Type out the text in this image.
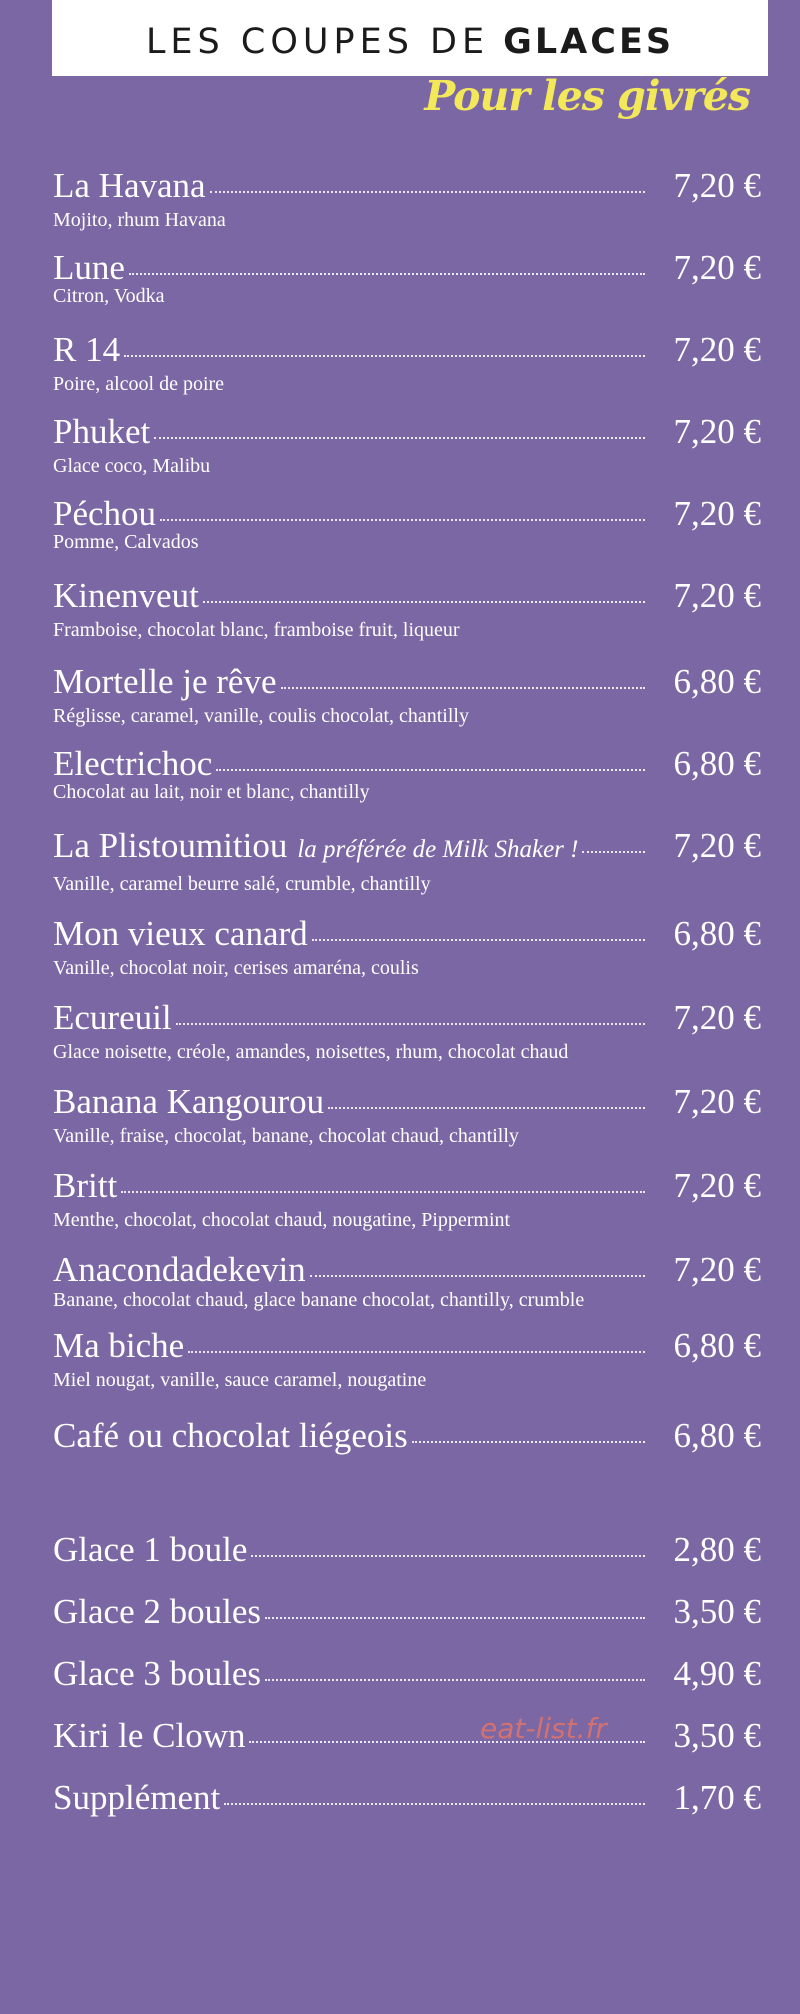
LES COUPES DE GLACES
Pour les givrés
La Havana	7,20 €
Mojito, rhum Havana
Lune	7,20 €
Citron, Vodka
R 14	7,20 €
Poire, alcool de poire
Phuket	7,20 €
Glace coco, Malibu
Péchou	7,20 €
Pomme, Calvados
Kinenveut	7,20 €
Framboise, chocolat blanc, framboise fruit, liqueur
Mortelle je rêve	6,80 €
Réglisse, caramel, vanille, coulis chocolat, chantilly
Electrichoc	6,80 €
Chocolat au lait, noir et blanc, chantilly
La Plistoumitiou la préférée de Milk Shaker !	7,20 €
Vanille, caramel beurre salé, crumble, chantilly
Mon vieux canard	6,80 €
Vanille, chocolat noir, cerises amaréna, coulis
Ecureuil	7,20 €
Glace noisette, créole, amandes, noisettes, rhum, chocolat chaud
Banana Kangourou	7,20 €
Vanille, fraise, chocolat, banane, chocolat chaud, chantilly
Britt	7,20 €
Menthe, chocolat, chocolat chaud, nougatine, Pippermint
Anacondadekevin	7,20 €
Banane, chocolat chaud, glace banane chocolat, chantilly, crumble
Ma biche	6,80 €
Miel nougat, vanille, sauce caramel, nougatine
Café ou chocolat liégeois	6,80 €
Glace 1 boule	2,80 €
Glace 2 boules	3,50 €
Glace 3 boules	4,90 €
Kiri le Clown	3,50 €
Supplément	1,70 €
eat-list.fr
